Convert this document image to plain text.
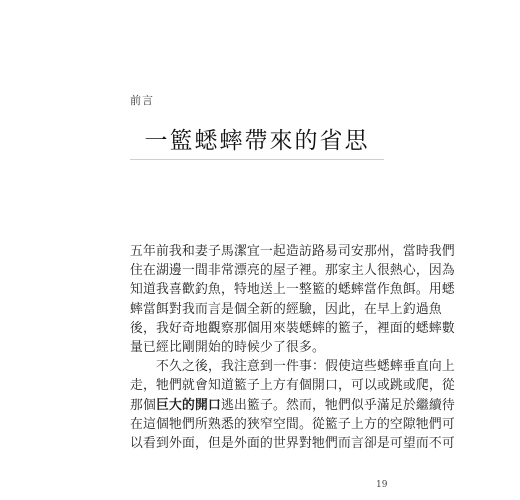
前言
一籃蟋蟀帶來的省思
五年前我和妻子馬潔宜一起造訪路易司安那州，當時我們
住在湖邊一間非常漂亮的屋子裡。那家主人很熱心，因為
知道我喜歡釣魚，特地送上一整籃的蟋蟀當作魚餌。用蟋
蟀當餌對我而言是個全新的經驗，因此，在早上釣過魚
後，我好奇地觀察那個用來裝蟋蟀的籃子，裡面的蟋蟀數
量已經比剛開始的時候少了很多。
不久之後，我注意到一件事：假使這些蟋蟀垂直向上
走，牠們就會知道籃子上方有個開口，可以或跳或爬，從
那個巨大的開口逃出籃子。然而，牠們似乎滿足於繼續待
在這個牠們所熟悉的狹窄空間。從籃子上方的空隙牠們可
以看到外面，但是外面的世界對牠們而言卻是可望而不可
19
